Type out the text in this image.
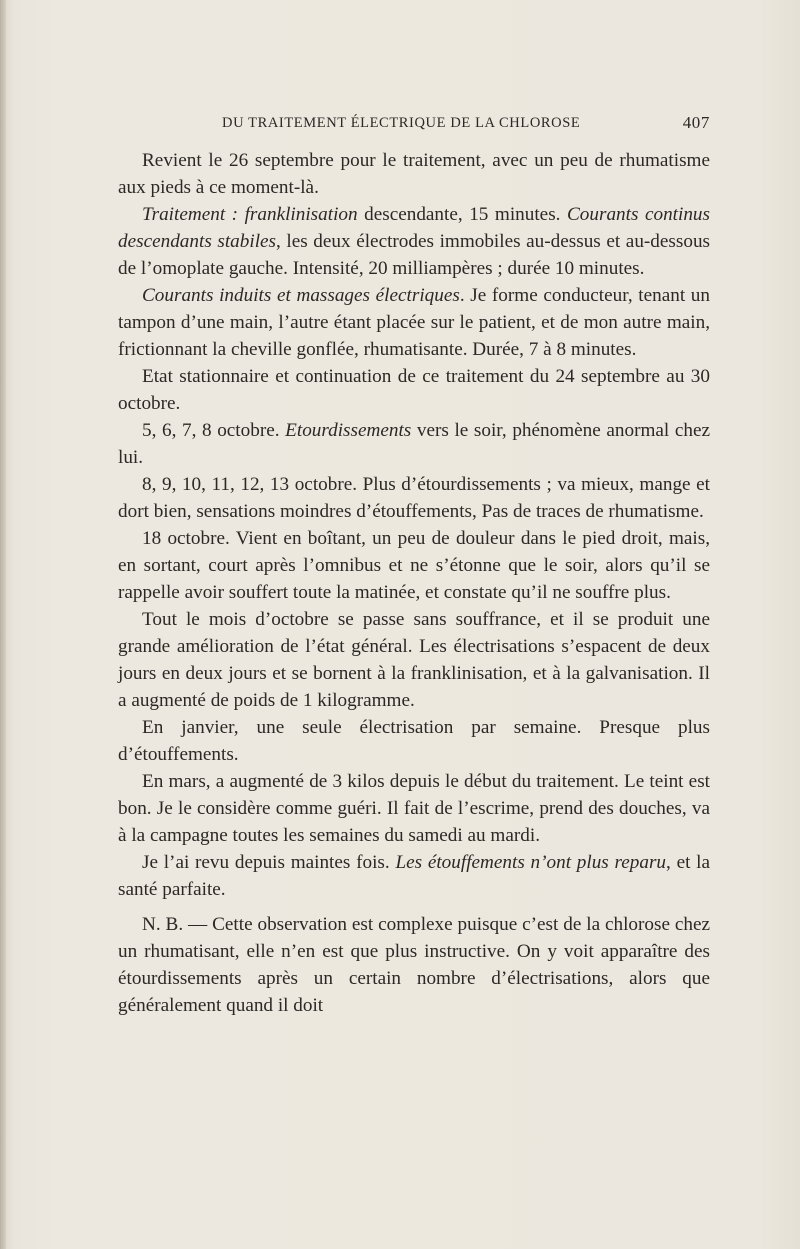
DU TRAITEMENT ÉLECTRIQUE DE LA CHLOROSE	407

Revient le 26 septembre pour le traitement, avec un peu de rhumatisme aux pieds à ce moment-là.

Traitement : franklinisation descendante, 15 minutes. Courants continus descendants stabiles, les deux électrodes immobiles au-dessus et au-dessous de l’omoplate gauche. Intensité, 20 milliampères ; durée 10 minutes.

Courants induits et massages électriques. Je forme conducteur, tenant un tampon d’une main, l’autre étant placée sur le patient, et de mon autre main, frictionnant la cheville gonflée, rhumatisante. Durée, 7 à 8 minutes.

Etat stationnaire et continuation de ce traitement du 24 septembre au 30 octobre.

5, 6, 7, 8 octobre. Etourdissements vers le soir, phénomène anormal chez lui.

8, 9, 10, 11, 12, 13 octobre. Plus d’étourdissements ; va mieux, mange et dort bien, sensations moindres d’étouffements, Pas de traces de rhumatisme.

18 octobre. Vient en boîtant, un peu de douleur dans le pied droit, mais, en sortant, court après l’omnibus et ne s’étonne que le soir, alors qu’il se rappelle avoir souffert toute la matinée, et constate qu’il ne souffre plus.

Tout le mois d’octobre se passe sans souffrance, et il se produit une grande amélioration de l’état général. Les électrisations s’espacent de deux jours en deux jours et se bornent à la franklinisation, et à la galvanisation. Il a augmenté de poids de 1 kilogramme.

En janvier, une seule électrisation par semaine. Presque plus d’étouffements.

En mars, a augmenté de 3 kilos depuis le début du traitement. Le teint est bon. Je le considère comme guéri. Il fait de l’escrime, prend des douches, va à la campagne toutes les semaines du samedi au mardi.

Je l’ai revu depuis maintes fois. Les étouffements n’ont plus reparu, et la santé parfaite.

N. B. — Cette observation est complexe puisque c’est de la chlorose chez un rhumatisant, elle n’en est que plus instructive. On y voit apparaître des étourdissements après un certain nombre d’électrisations, alors que généralement quand il doit
